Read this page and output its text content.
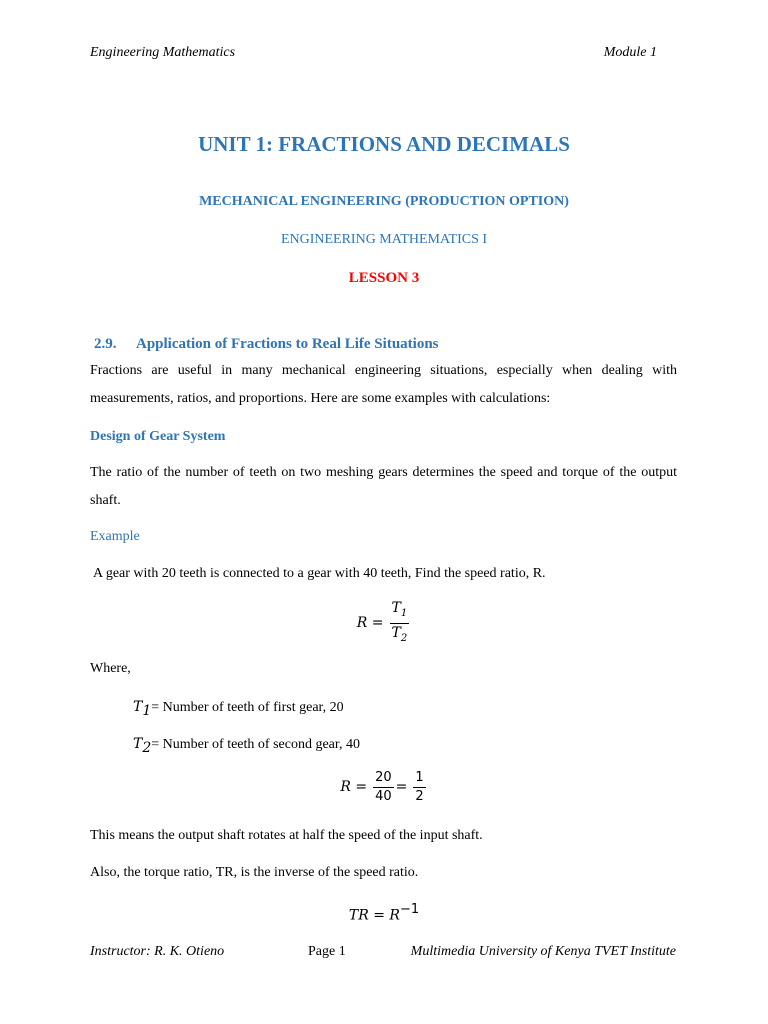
Engineering Mathematics	Module 1
UNIT 1: FRACTIONS AND DECIMALS
MECHANICAL ENGINEERING (PRODUCTION OPTION)
ENGINEERING MATHEMATICS I
LESSON 3
2.9. Application of Fractions to Real Life Situations
Fractions are useful in many mechanical engineering situations, especially when dealing with measurements, ratios, and proportions. Here are some examples with calculations:
Design of Gear System
The ratio of the number of teeth on two meshing gears determines the speed and torque of the output shaft.
Example
A gear with 20 teeth is connected to a gear with 40 teeth, Find the speed ratio, R.
$R = \frac{T_1}{T_2}$
Where,
$T_1=$ Number of teeth of first gear, 20
$T_2=$ Number of teeth of second gear, 40
$R = \frac{20}{40} = \frac{1}{2}$
This means the output shaft rotates at half the speed of the input shaft.
Also, the torque ratio, TR, is the inverse of the speed ratio.
TR = $R^{-1}$
Instructor: R. K. Otieno	Page 1	Multimedia University of Kenya TVET Institute
